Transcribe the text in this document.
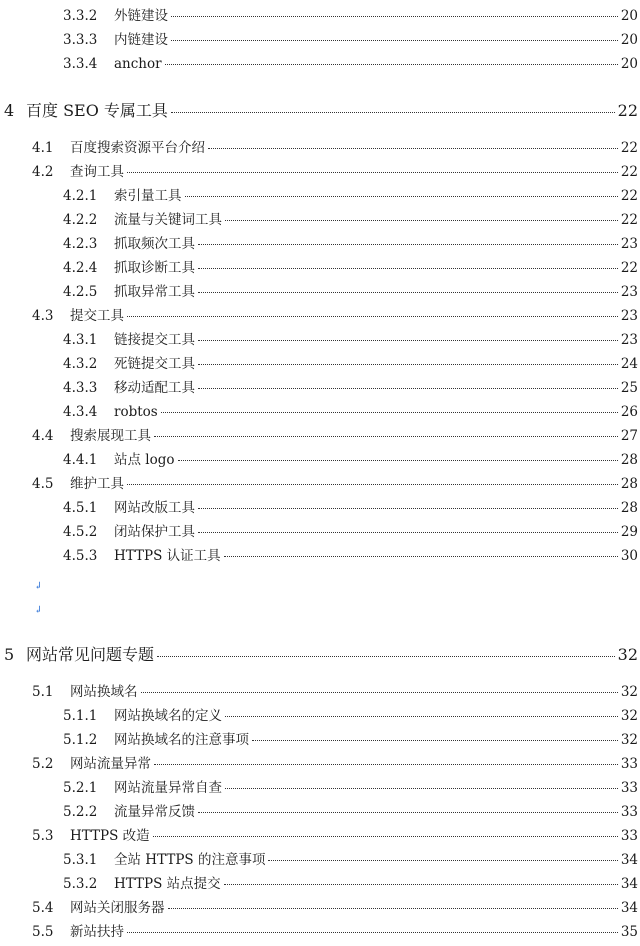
3.3.2	外链建设	20
3.3.3	内链建设	20
3.3.4	anchor	20
4 百度 SEO 专属工具	22
4.1	百度搜索资源平台介绍	22
4.2	查询工具	22
4.2.1	索引量工具	22
4.2.2	流量与关键词工具	22
4.2.3	抓取频次工具	23
4.2.4	抓取诊断工具	22
4.2.5	抓取异常工具	23
4.3	提交工具	23
4.3.1	链接提交工具	23
4.3.2	死链提交工具	24
4.3.3	移动适配工具	25
4.3.4	robtos	26
4.4	搜索展现工具	27
4.4.1	站点 logo	28
4.5	维护工具	28
4.5.1	网站改版工具	28
4.5.2	闭站保护工具	29
4.5.3	HTTPS 认证工具	30
5 网站常见问题专题	32
5.1	网站换域名	32
5.1.1	网站换域名的定义	32
5.1.2	网站换域名的注意事项	32
5.2	网站流量异常	33
5.2.1	网站流量异常自查	33
5.2.2	流量异常反馈	33
5.3	HTTPS 改造	33
5.3.1	全站 HTTPS 的注意事项	34
5.3.2	HTTPS 站点提交	34
5.4	网站关闭服务器	34
5.5	新站扶持	35
↲
↲
